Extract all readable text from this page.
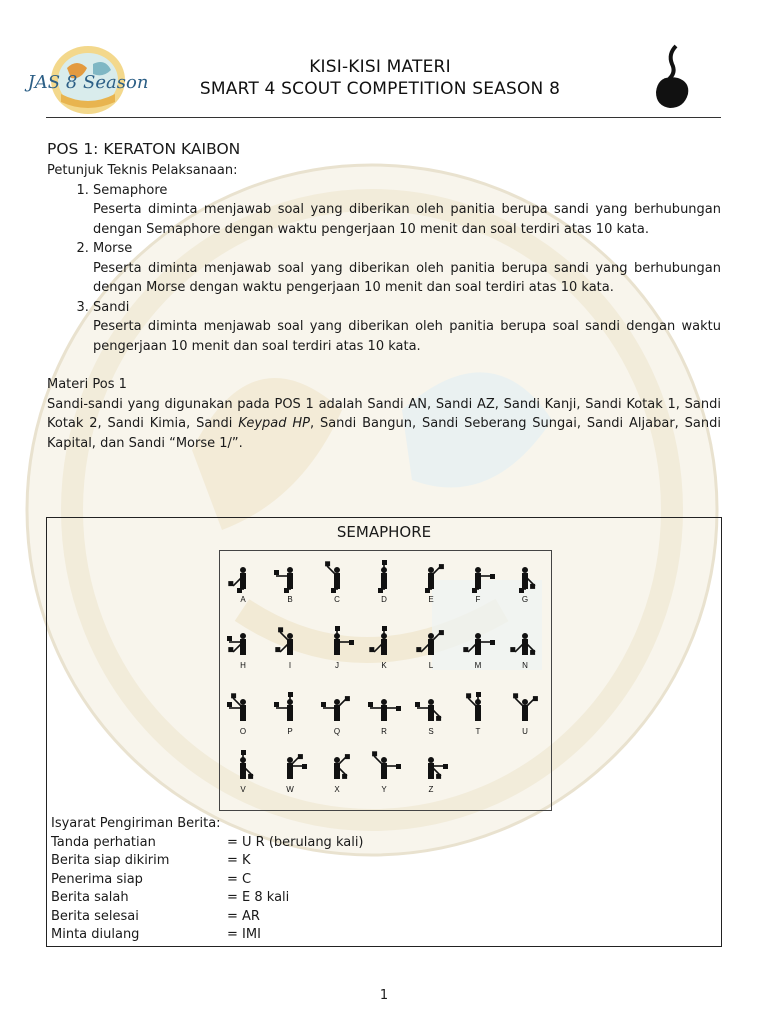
JAS 8 Season
KISI-KISI MATERI
SMART 4 SCOUT COMPETITION SEASON 8
POS 1: KERATON KAIBON
Petunjuk Teknis Pelaksanaan:
1. Semaphore
Peserta diminta menjawab soal yang diberikan oleh panitia berupa sandi yang berhubungan dengan Semaphore dengan waktu pengerjaan 10 menit dan soal terdiri atas 10 kata.
2. Morse
Peserta diminta menjawab soal yang diberikan oleh panitia berupa sandi yang berhubungan dengan Morse dengan waktu pengerjaan 10 menit dan soal terdiri atas 10 kata.
3. Sandi
Peserta diminta menjawab soal yang diberikan oleh panitia berupa soal sandi dengan waktu pengerjaan 10 menit dan soal terdiri atas 10 kata.
Materi Pos 1
Sandi-sandi yang digunakan pada POS 1 adalah Sandi AN, Sandi AZ, Sandi Kanji, Sandi Kotak 1, Sandi Kotak 2, Sandi Kimia, Sandi Keypad HP, Sandi Bangun, Sandi Seberang Sungai, Sandi Aljabar, Sandi Kapital, dan Sandi “Morse 1/”.
SEMAPHORE
A	B	C	D	E	F	G
H	I	J	K	L	M	N
O	P	Q	R	S	T	U
V	W	X	Y	Z
Isyarat Pengiriman Berita:
Tanda perhatian	= U R (berulang kali)
Berita siap dikirim	= K
Penerima siap	= C
Berita salah	= E 8 kali
Berita selesai	= AR
Minta diulang	= IMI
1
